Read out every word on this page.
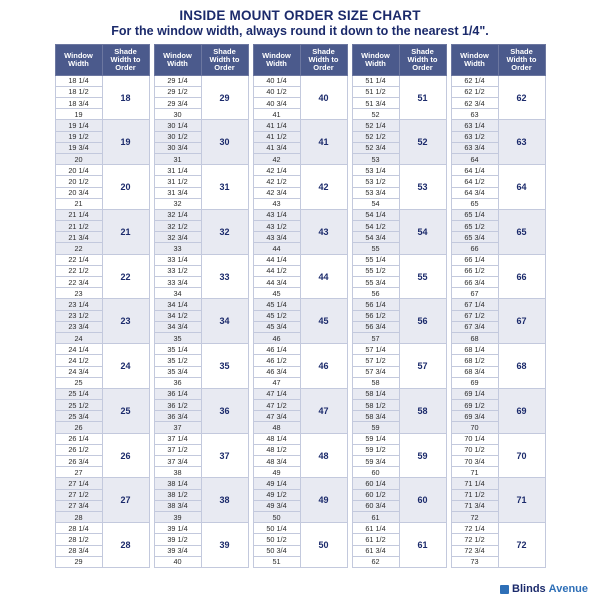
INSIDE MOUNT ORDER SIZE CHART
For the window width, always round it down to the nearest 1/4".
Window Width	Shade Width to Order
18 1/4	18
18 1/2	
18 3/4	
19	
19 1/4	19
19 1/2	
19 3/4	
20	
20 1/4	20
20 1/2	
20 3/4	
21	
21 1/4	21
21 1/2	
21 3/4	
22	
22 1/4	22
22 1/2	
22 3/4	
23	
23 1/4	23
23 1/2	
23 3/4	
24	
24 1/4	24
24 1/2	
24 3/4	
25	
25 1/4	25
25 1/2	
25 3/4	
26	
26 1/4	26
26 1/2	
26 3/4	
27	
27 1/4	27
27 1/2	
27 3/4	
28	
28 1/4	28
28 1/2	
28 3/4	
29	
Window Width	Shade Width to Order
29 1/4	29
29 1/2	
29 3/4	
30	
30 1/4	30
30 1/2	
30 3/4	
31	
31 1/4	31
31 1/2	
31 3/4	
32	
32 1/4	32
32 1/2	
32 3/4	
33	
33 1/4	33
33 1/2	
33 3/4	
34	
34 1/4	34
34 1/2	
34 3/4	
35	
35 1/4	35
35 1/2	
35 3/4	
36	
36 1/4	36
36 1/2	
36 3/4	
37	
37 1/4	37
37 1/2	
37 3/4	
38	
38 1/4	38
38 1/2	
38 3/4	
39	
39 1/4	39
39 1/2	
39 3/4	
40	
Window Width	Shade Width to Order
40 1/4	40
40 1/2	
40 3/4	
41	
41 1/4	41
41 1/2	
41 3/4	
42	
42 1/4	42
42 1/2	
42 3/4	
43	
43 1/4	43
43 1/2	
43 3/4	
44	
44 1/4	44
44 1/2	
44 3/4	
45	
45 1/4	45
45 1/2	
45 3/4	
46	
46 1/4	46
46 1/2	
46 3/4	
47	
47 1/4	47
47 1/2	
47 3/4	
48	
48 1/4	48
48 1/2	
48 3/4	
49	
49 1/4	49
49 1/2	
49 3/4	
50	
50 1/4	50
50 1/2	
50 3/4	
51	
Window Width	Shade Width to Order
51 1/4	51
51 1/2	
51 3/4	
52	
52 1/4	52
52 1/2	
52 3/4	
53	
53 1/4	53
53 1/2	
53 3/4	
54	
54 1/4	54
54 1/2	
54 3/4	
55	
55 1/4	55
55 1/2	
55 3/4	
56	
56 1/4	56
56 1/2	
56 3/4	
57	
57 1/4	57
57 1/2	
57 3/4	
58	
58 1/4	58
58 1/2	
58 3/4	
59	
59 1/4	59
59 1/2	
59 3/4	
60	
60 1/4	60
60 1/2	
60 3/4	
61	
61 1/4	61
61 1/2	
61 3/4	
62	
Window Width	Shade Width to Order
62 1/4	62
62 1/2	
62 3/4	
63	
63 1/4	63
63 1/2	
63 3/4	
64	
64 1/4	64
64 1/2	
64 3/4	
65	
65 1/4	65
65 1/2	
65 3/4	
66	
66 1/4	66
66 1/2	
66 3/4	
67	
67 1/4	67
67 1/2	
67 3/4	
68	
68 1/4	68
68 1/2	
68 3/4	
69	
69 1/4	69
69 1/2	
69 3/4	
70	
70 1/4	70
70 1/2	
70 3/4	
71	
71 1/4	71
71 1/2	
71 3/4	
72	
72 1/4	72
72 1/2	
72 3/4	
73	
Blinds Avenue
